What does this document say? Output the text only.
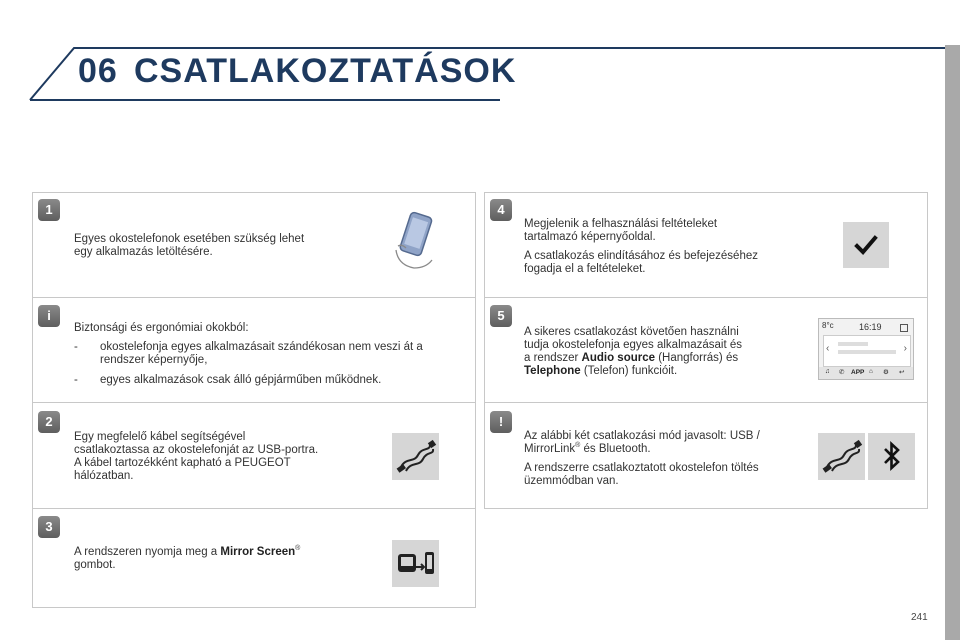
06 CSATLAKOZTATÁSOK
241
1
Egyes okostelefonok esetében szükség lehet
egy alkalmazás letöltésére.
i

Biztonsági és ergonómiai okokból:

-	okostelefonja egyes alkalmazásait szándékosan nem veszi át a
rendszer képernyője,
-	egyes alkalmazások csak álló gépjárműben működnek.
2
Egy megfelelő kábel segítségével
csatlakoztassa az okostelefonját az USB-portra.
A kábel tartozékként kapható a PEUGEOT
hálózatban.
3
A rendszeren nyomja meg a Mirror Screen®
gombot.
4

Megjelenik a felhasználási feltételeket
tartalmazó képernyőoldal.

A csatlakozás elindításához és befejezéséhez
fogadja el a feltételeket.

5
A sikeres csatlakozást követően használni
tudja okostelefonja egyes alkalmazásait és
a rendszer Audio source (Hangforrás) és
Telephone (Telefon) funkcióit.
8°c	16:19
‹	›
♫ ✆ APP ⌂ ⚙ ↩
!

Az alábbi két csatlakozási mód javasolt: USB /
MirrorLink® és Bluetooth.

A rendszerre csatlakoztatott okostelefon töltés
üzemmódban van.
